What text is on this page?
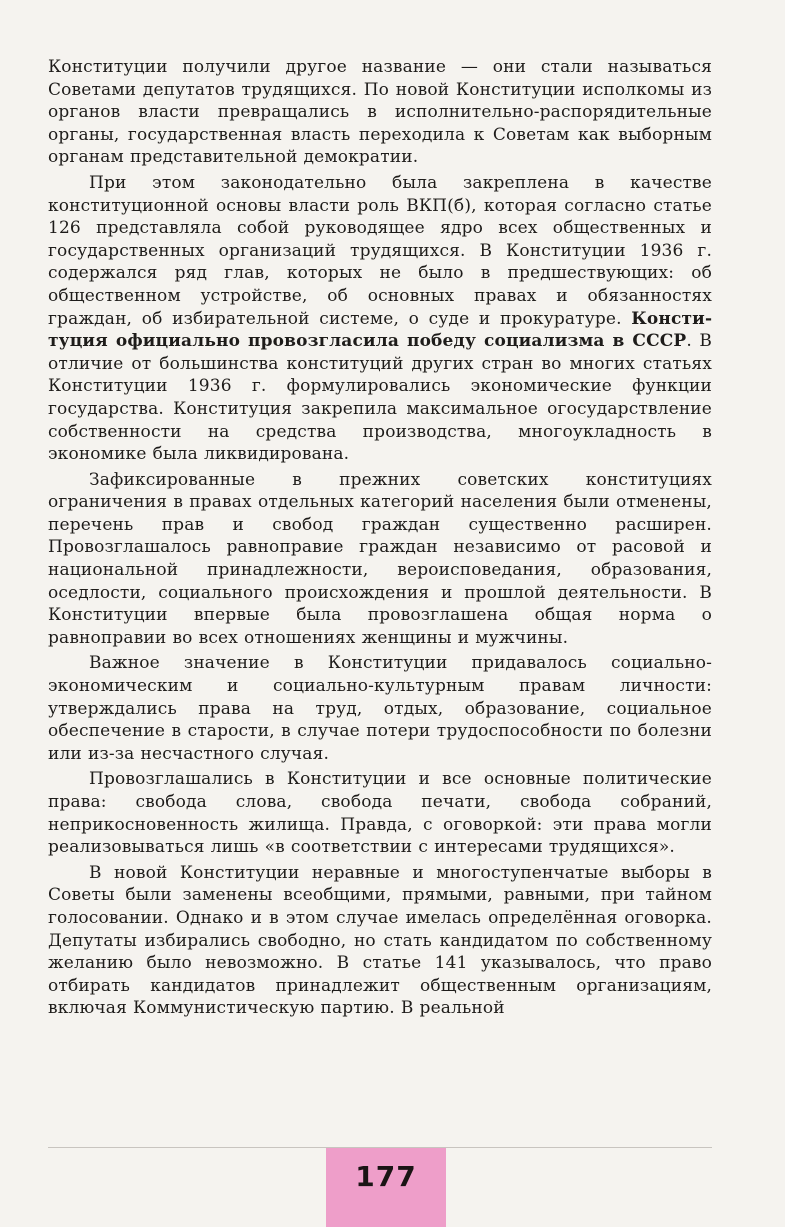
Конституции получили другое название — они стали называться Советами депутатов трудящихся. По новой Конституции исполкомы из органов власти превращались в исполнительно-распорядительные органы, государственная власть переходила к Советам как выборным органам представительной демократии.

При этом законодательно была закреплена в качестве конституционной основы власти роль ВКП(б), которая согласно статье 126 представляла собой руководящее ядро всех общественных и государственных организаций трудящихся. В Конституции 1936 г. содержался ряд глав, которых не было в предшествующих: об общественном устройстве, об основных правах и обязанностях граждан, об избирательной системе, о суде и прокуратуре. Конституция официально провозгласила победу социализма в СССР. В отличие от большинства конституций других стран во многих статьях Конституции 1936 г. формулировались экономические функции государства. Конституция закрепила максимальное огосударствление собственности на средства производства, многоукладность в экономике была ликвидирована.

Зафиксированные в прежних советских конституциях ограничения в правах отдельных категорий населения были отменены, перечень прав и свобод граждан существенно расширен. Провозглашалось равноправие граждан независимо от расовой и национальной принадлежности, вероисповедания, образования, оседлости, социального происхождения и прошлой деятельности. В Конституции впервые была провозглашена общая норма о равноправии во всех отношениях женщины и мужчины.

Важное значение в Конституции придавалось социально-экономическим и социально-культурным правам личности: утверждались права на труд, отдых, образование, социальное обеспечение в старости, в случае потери трудоспособности по болезни или из-за несчастного случая.

Провозглашались в Конституции и все основные политические права: свобода слова, свобода печати, свобода собраний, неприкосновенность жилища. Правда, с оговоркой: эти права могли реализовываться лишь «в соответствии с интересами трудящихся».

В новой Конституции неравные и многоступенчатые выборы в Советы были заменены всеобщими, прямыми, равными, при тайном голосовании. Однако и в этом случае имелась определённая оговорка. Депутаты избирались свободно, но стать кандидатом по собственному желанию было невозможно. В статье 141 указывалось, что право отбирать кандидатов принадлежит общественным организациям, включая Коммунистическую партию. В реальной

177
